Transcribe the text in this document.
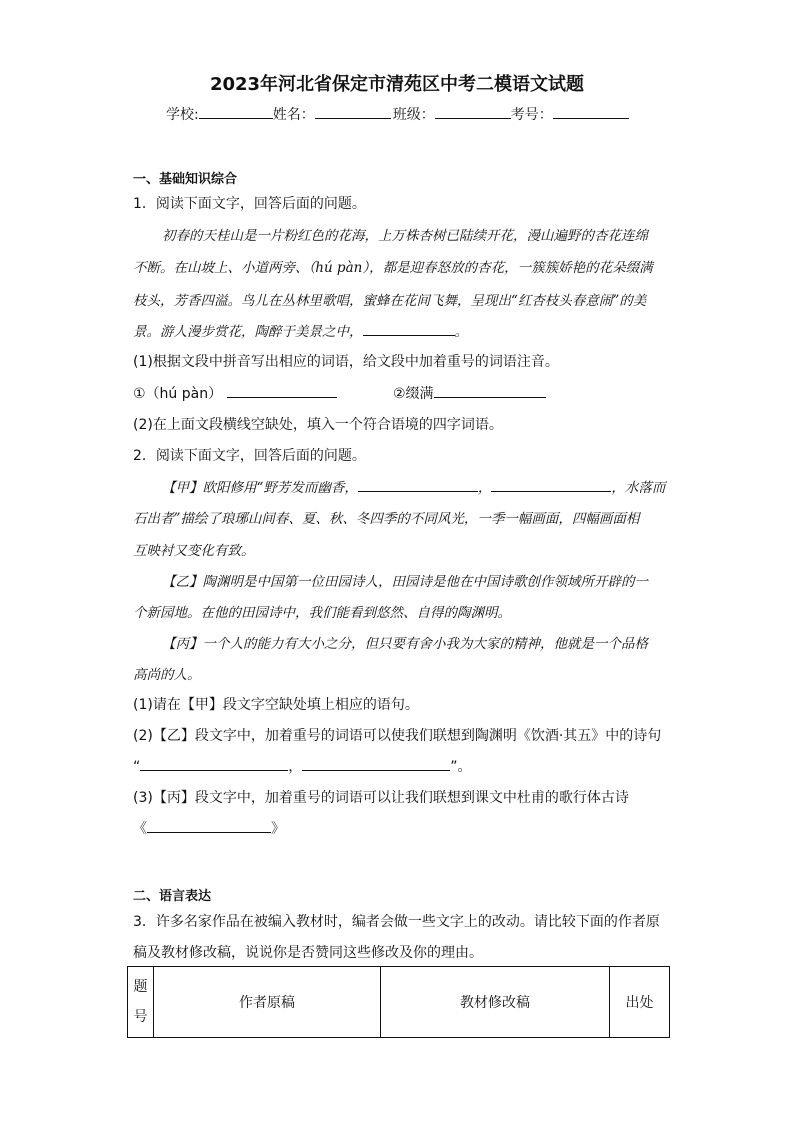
2023年河北省保定市清苑区中考二模语文试题
学校:	姓名：	班级：	考号：
一、基础知识综合
1．阅读下面文字，回答后面的问题。
初春的天桂山是一片粉红色的花海，上万株杏树已陆续开花，漫山遍野的杏花连绵
不断。在山坡上、小道两旁、（hú pàn），都是迎春怒放的杏花，一簇簇娇艳的花朵缀满
枝头，芳香四溢。鸟儿在丛林里歌唱，蜜蜂在花间飞舞，呈现出“红杏枝头春意闹”的美
景。游人漫步赏花，陶醉于美景之中，	。
(1)根据文段中拼音写出相应的词语，给文段中加着重号的词语注音。
①（hú pàn）	②缀满
(2)在上面文段横线空缺处，填入一个符合语境的四字词语。
2．阅读下面文字，回答后面的问题。
【甲】欧阳修用“野芳发而幽香，	，	，水落而
石出者”描绘了琅琊山间春、夏、秋、冬四季的不同风光，一季一幅画面，四幅画面相
互映衬又变化有致。
【乙】陶渊明是中国第一位田园诗人，田园诗是他在中国诗歌创作领域所开辟的一
个新园地。在他的田园诗中，我们能看到悠然、自得的陶渊明。
【丙】一个人的能力有大小之分，但只要有舍小我为大家的精神，他就是一个品格
高尚的人。
(1)请在【甲】段文字空缺处填上相应的语句。
(2)【乙】段文字中，加着重号的词语可以使我们联想到陶渊明《饮酒·其五》中的诗句
“	，	”。
(3)【丙】段文字中，加着重号的词语可以让我们联想到课文中杜甫的歌行体古诗
《	》
二、语言表达
3．许多名家作品在被编入教材时，编者会做一些文字上的改动。请比较下面的作者原
稿及教材修改稿，说说你是否赞同这些修改及你的理由。
题
号
	作者原稿	教材修改稿	出处
